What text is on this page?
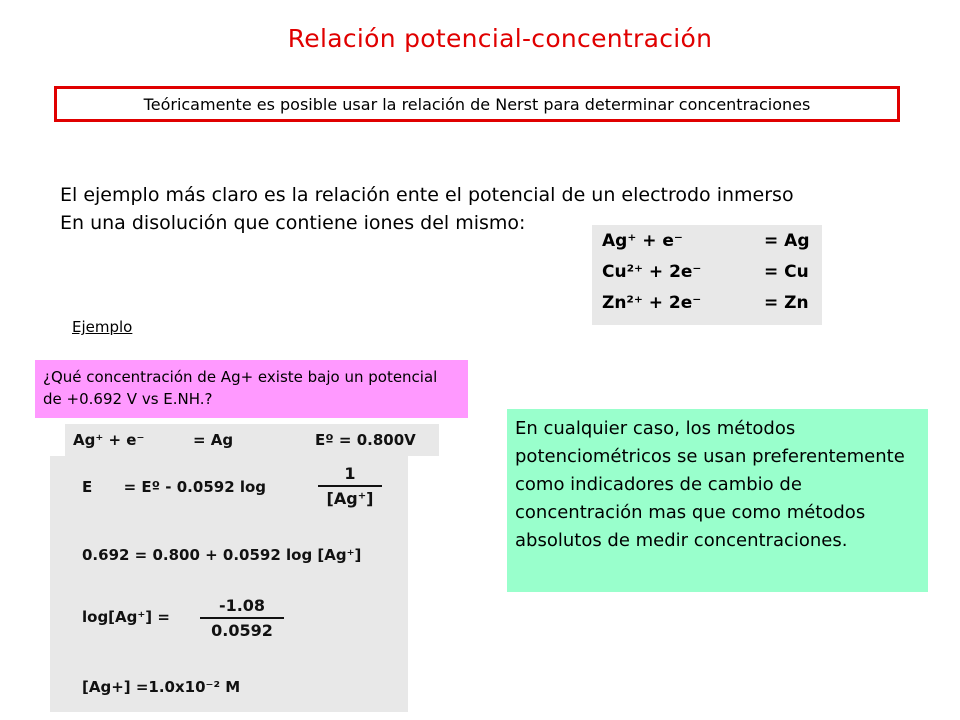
Relación potencial-concentración
Teóricamente es posible usar la relación de Nerst para determinar concentraciones
El ejemplo más claro es la relación ente el potencial de un electrodo inmerso
En una disolución que contiene iones del mismo:
Ag⁺ + e⁻	= Ag
Cu²⁺ + 2e⁻	= Cu
Zn²⁺ + 2e⁻	= Zn
Ejemplo
¿Qué concentración de Ag+ existe bajo un potencial de +0.692 V vs E.NH.?
En cualquier caso, los métodos potenciométricos se usan preferentemente como indicadores de cambio de concentración mas que como métodos absolutos de medir concentraciones.
Ag⁺ + e⁻	= Ag	Eº = 0.800V
E      = Eº - 0.0592 log
1
[Ag⁺]
0.692 = 0.800 + 0.0592 log [Ag⁺]
log[Ag⁺] =
-1.08
0.0592
[Ag+] =1.0x10⁻² M
